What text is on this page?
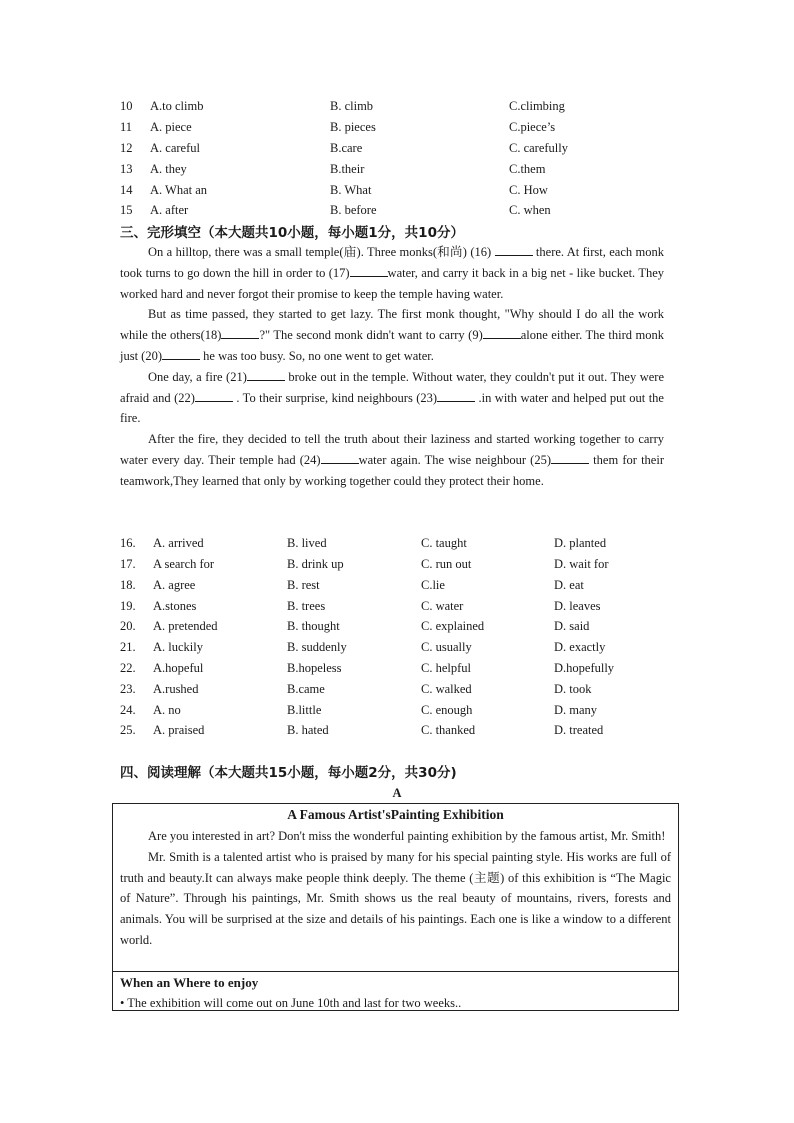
10 A.to climb	B. climb	C.climbing
11 A. piece	B. pieces	C.piece’s
12 A. careful	B.care	C. carefully
13 A. they	B.their	C.them
14 A. What an	B. What	C. How
15 A. after	B. before	C. when
三、完形填空（本大题共10小题，每小题1分，共10分）

On a hilltop, there was a small temple(庙). Three monks(和尚) (16)	there. At first, each monk took turns to go down the hill in order to (17)	water, and carry it back in a big net - like bucket. They worked hard and never forgot their promise to keep the temple having water.

But as time passed, they started to get lazy. The first monk thought, "Why should I do all the work while the others(18)	?" The second monk didn't want to carry (9)	alone either. The third monk just (20)	he was too busy. So, no one went to get water.

One day, a fire (21)	broke out in the temple. Without water, they couldn't put it out. They were afraid and (22)	. To their surprise, kind neighbours (23)	.in with water and helped put out the fire.

After the fire, they decided to tell the truth about their laziness and started working together to carry water every day. Their temple had (24)	water again. The wise neighbour (25)	them for their teamwork,They learned that only by working together could they protect their home.

16. A. arrived	B. lived	C. taught	D. planted
17. A search for	B. drink up	C. run out	D. wait for
18. A. agree	B. rest	C.lie	D. eat
19. A.stones	B. trees	C. water	D. leaves
20. A. pretended	B. thought	C. explained	D. said
21. A. luckily	B. suddenly	C. usually	D. exactly
22. A.hopeful	B.hopeless	C. helpful	D.hopefully
23. A.rushed	B.came	C. walked	D. took
24. A. no	B.little	C. enough	D. many
25. A. praised	B. hated	C. thanked	D. treated
四、阅读理解（本大题共15小题，每小题2分，共30分)
A
A Famous Artist'sPainting Exhibition

Are you interested in art? Don't miss the wonderful painting exhibition by the famous artist, Mr. Smith!

Mr. Smith is a talented artist who is praised by many for his special painting style. His works are full of truth and beauty.It can always make people think deeply. The theme (主题) of this exhibition is “The Magic of Nature”. Through his paintings, Mr. Smith shows us the real beauty of mountains, rivers, forests and animals. You will be surprised at the size and details of his paintings. Each one is like a window to a different world.

When an Where to enjoy
• The exhibition will come out on June 10th and last for two weeks..
